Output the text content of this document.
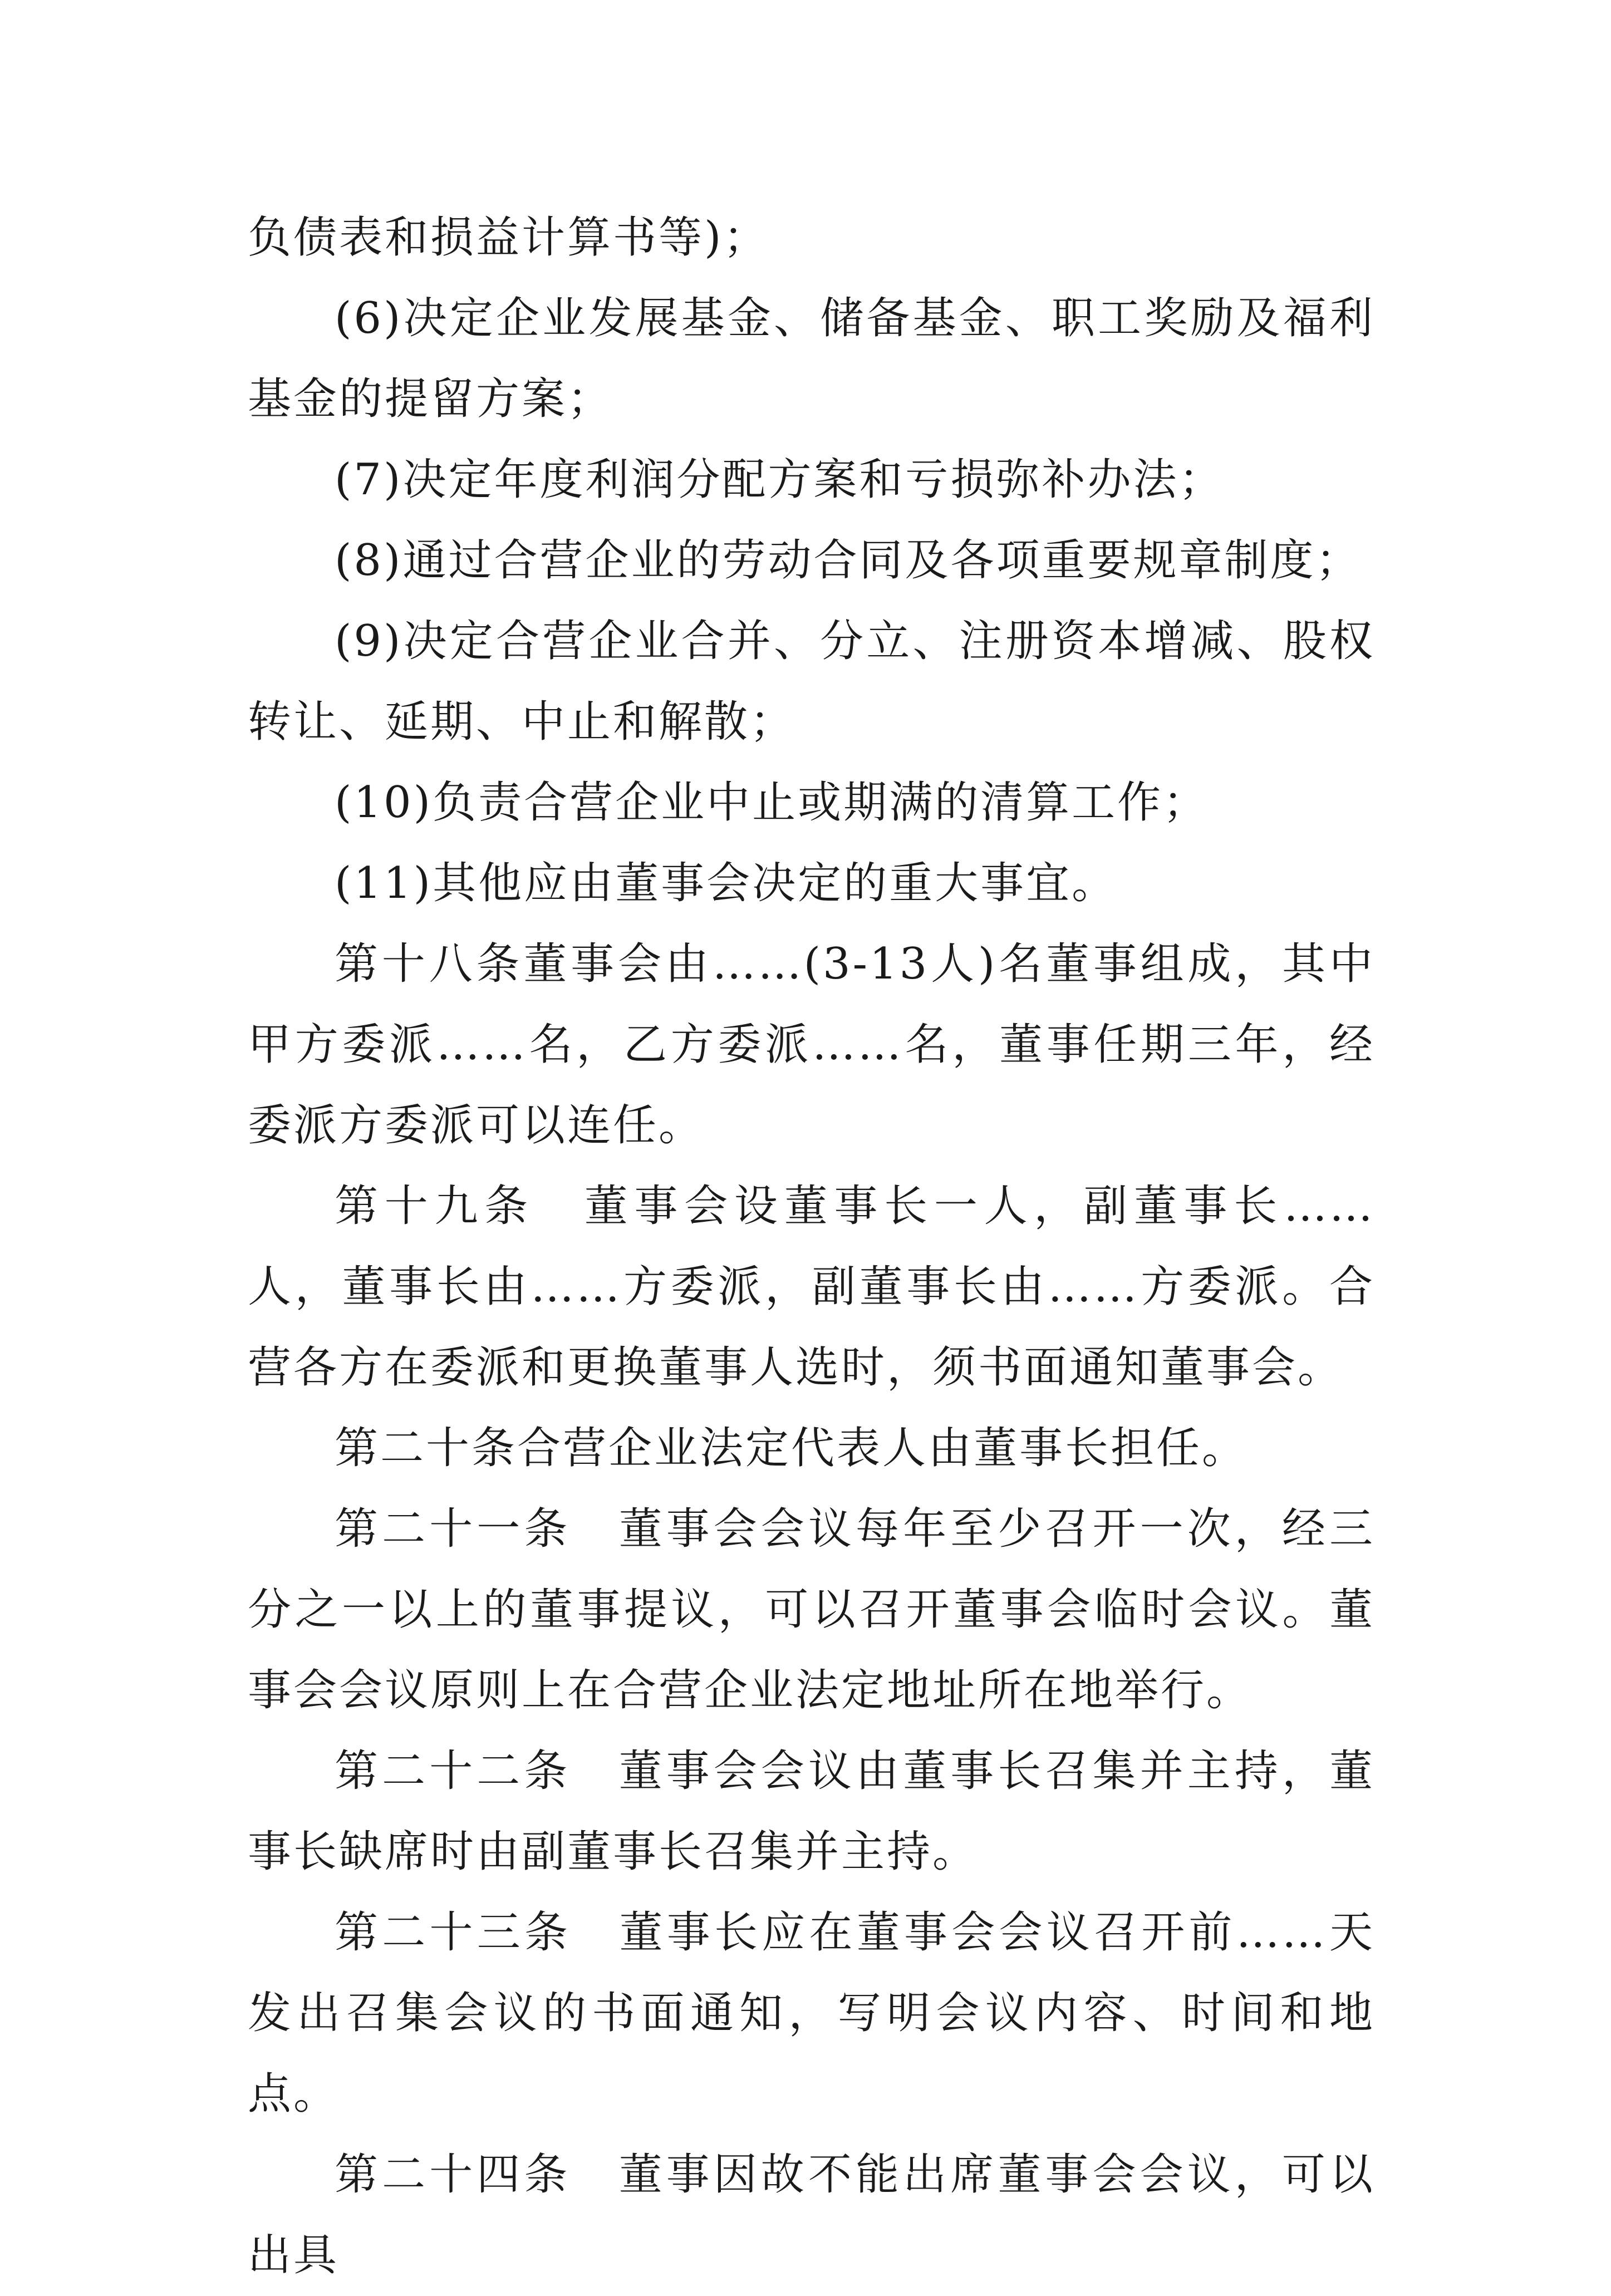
负债表和损益计算书等)；

(6)决定企业发展基金、储备基金、职工奖励及福利基金的提留方案；

(7)决定年度利润分配方案和亏损弥补办法；

(8)通过合营企业的劳动合同及各项重要规章制度；

(9)决定合营企业合并、分立、注册资本增减、股权转让、延期、中止和解散；

(10)负责合营企业中止或期满的清算工作；

(11)其他应由董事会决定的重大事宜。

第十八条董事会由……(3-13人)名董事组成，其中甲方委派……名，乙方委派……名，董事任期三年，经委派方委派可以连任。

第十九条　董事会设董事长一人，副董事长……人，董事长由……方委派，副董事长由……方委派。合营各方在委派和更换董事人选时，须书面通知董事会。

第二十条合营企业法定代表人由董事长担任。

第二十一条　董事会会议每年至少召开一次，经三分之一以上的董事提议，可以召开董事会临时会议。董事会会议原则上在合营企业法定地址所在地举行。

第二十二条　董事会会议由董事长召集并主持，董事长缺席时由副董事长召集并主持。

第二十三条　董事长应在董事会会议召开前……天发出召集会议的书面通知，写明会议内容、时间和地点。

第二十四条　董事因故不能出席董事会会议，可以出具
